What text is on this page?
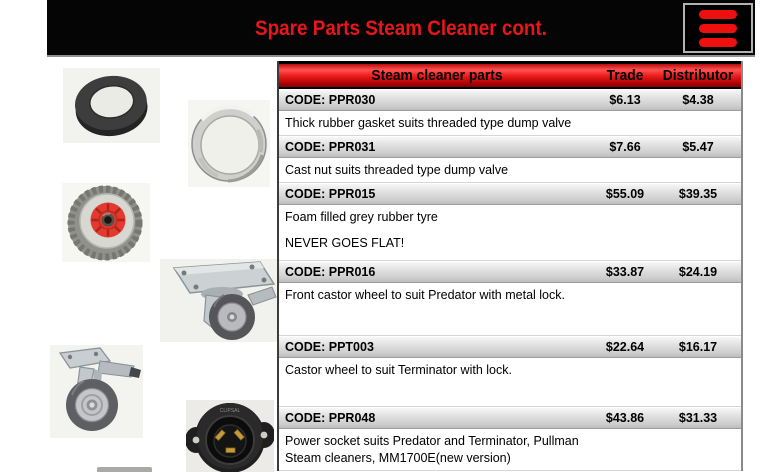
Spare Parts Steam Cleaner cont.
CLIPSAL
Steam cleaner parts	Trade	Distributor
CODE: PPR030	$6.13	$4.38

Thick rubber gasket suits threaded type dump valve

CODE: PPR031	$7.66	$5.47

Cast nut suits threaded type dump valve

CODE: PPR015	$55.09	$39.35

Foam filled grey rubber tyre

NEVER GOES FLAT!

CODE: PPR016	$33.87	$24.19

Front castor wheel to suit Predator with metal lock.

CODE: PPT003	$22.64	$16.17

Castor wheel to suit Terminator with lock.

CODE: PPR048	$43.86	$31.33

Power socket suits Predator and Terminator, Pullman

Steam cleaners, MM1700E(new version)
